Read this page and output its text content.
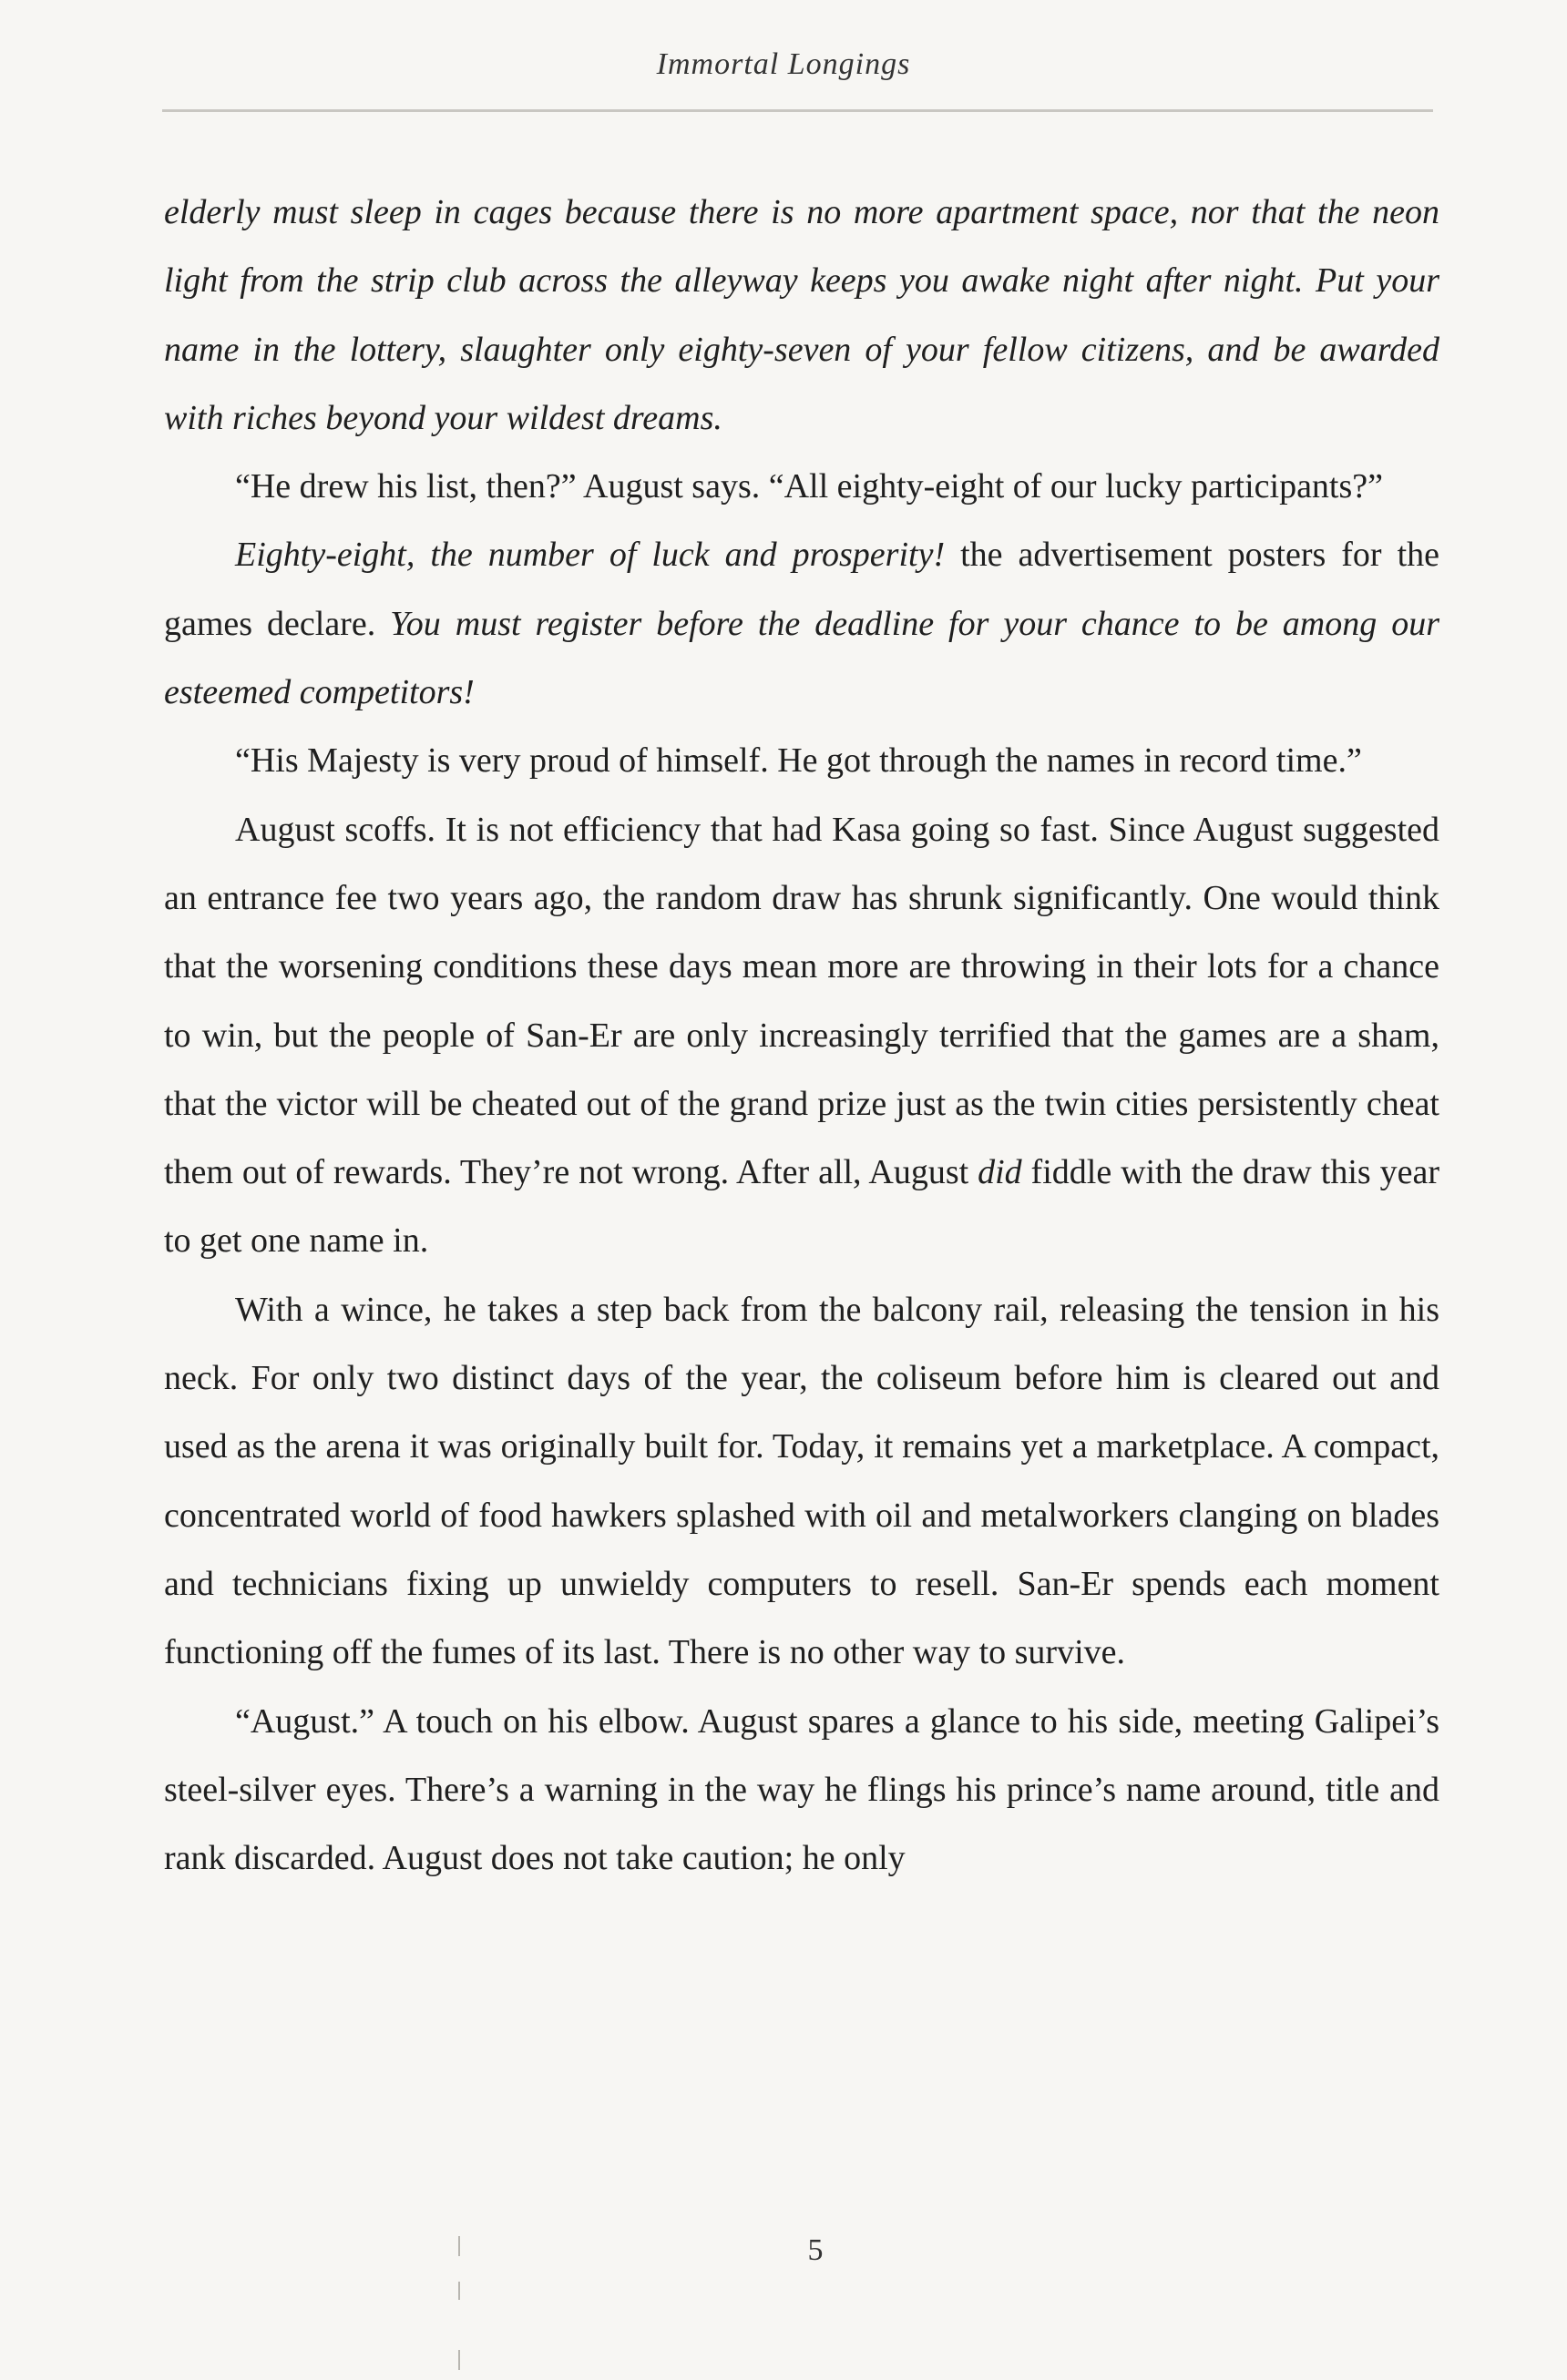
Immortal Longings

elderly must sleep in cages because there is no more apartment space, nor that the neon light from the strip club across the alleyway keeps you awake night after night. Put your name in the lottery, slaughter only eighty-seven of your fellow citizens, and be awarded with riches beyond your wildest dreams.

“He drew his list, then?” August says. “All eighty-eight of our lucky participants?”

Eighty-eight, the number of luck and prosperity! the advertisement posters for the games declare. You must register before the deadline for your chance to be among our esteemed competitors!

“His Majesty is very proud of himself. He got through the names in record time.”

August scoffs. It is not efficiency that had Kasa going so fast. Since August suggested an entrance fee two years ago, the random draw has shrunk significantly. One would think that the worsening conditions these days mean more are throwing in their lots for a chance to win, but the people of San-Er are only increasingly terrified that the games are a sham, that the victor will be cheated out of the grand prize just as the twin cities persistently cheat them out of rewards. They’re not wrong. After all, August did fiddle with the draw this year to get one name in.

With a wince, he takes a step back from the balcony rail, releasing the tension in his neck. For only two distinct days of the year, the coliseum before him is cleared out and used as the arena it was originally built for. Today, it remains yet a marketplace. A compact, concentrated world of food hawkers splashed with oil and metalworkers clanging on blades and technicians fixing up unwieldy computers to resell. San-Er spends each moment functioning off the fumes of its last. There is no other way to survive.

“August.” A touch on his elbow. August spares a glance to his side, meeting Galipei’s steel-silver eyes. There’s a warning in the way he flings his prince’s name around, title and rank discarded. August does not take caution; he only

5
